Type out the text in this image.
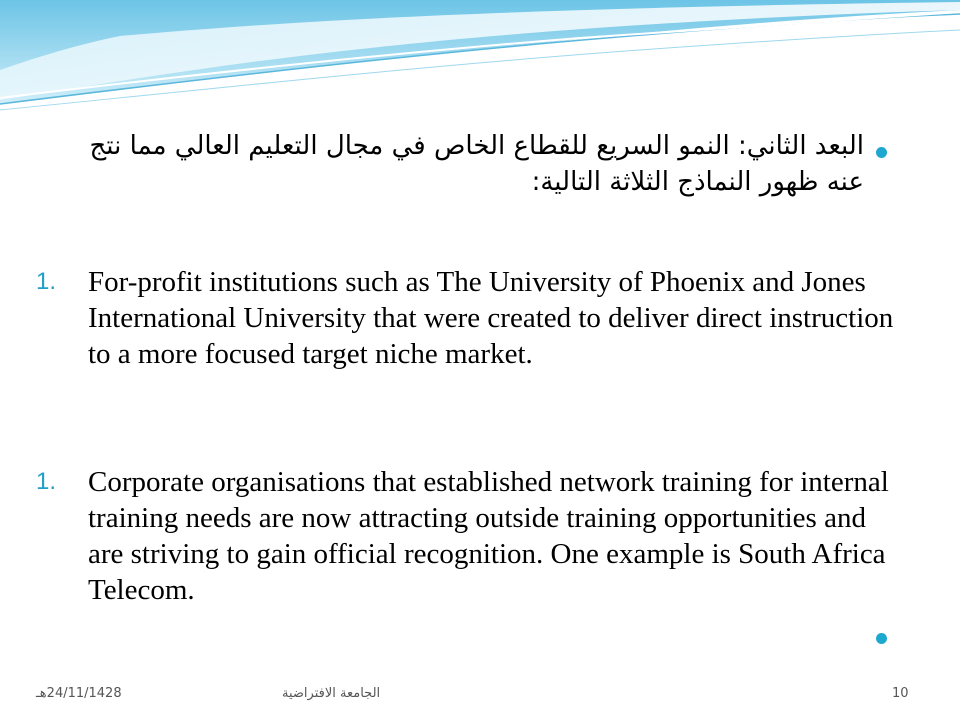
البعد الثاني: النمو السريع للقطاع الخاص في مجال التعليم العالي مما نتج عنه ظهور النماذج الثلاثة التالية:
1. For-profit institutions such as The University of Phoenix and Jones International University that were created to deliver direct instruction to a more focused target niche market.
1. Corporate organisations that established network training for internal training needs are now attracting outside training opportunities and are striving to gain official recognition. One example is South Africa Telecom.
24/11/1428هـ	الجامعة الافتراضية	10
